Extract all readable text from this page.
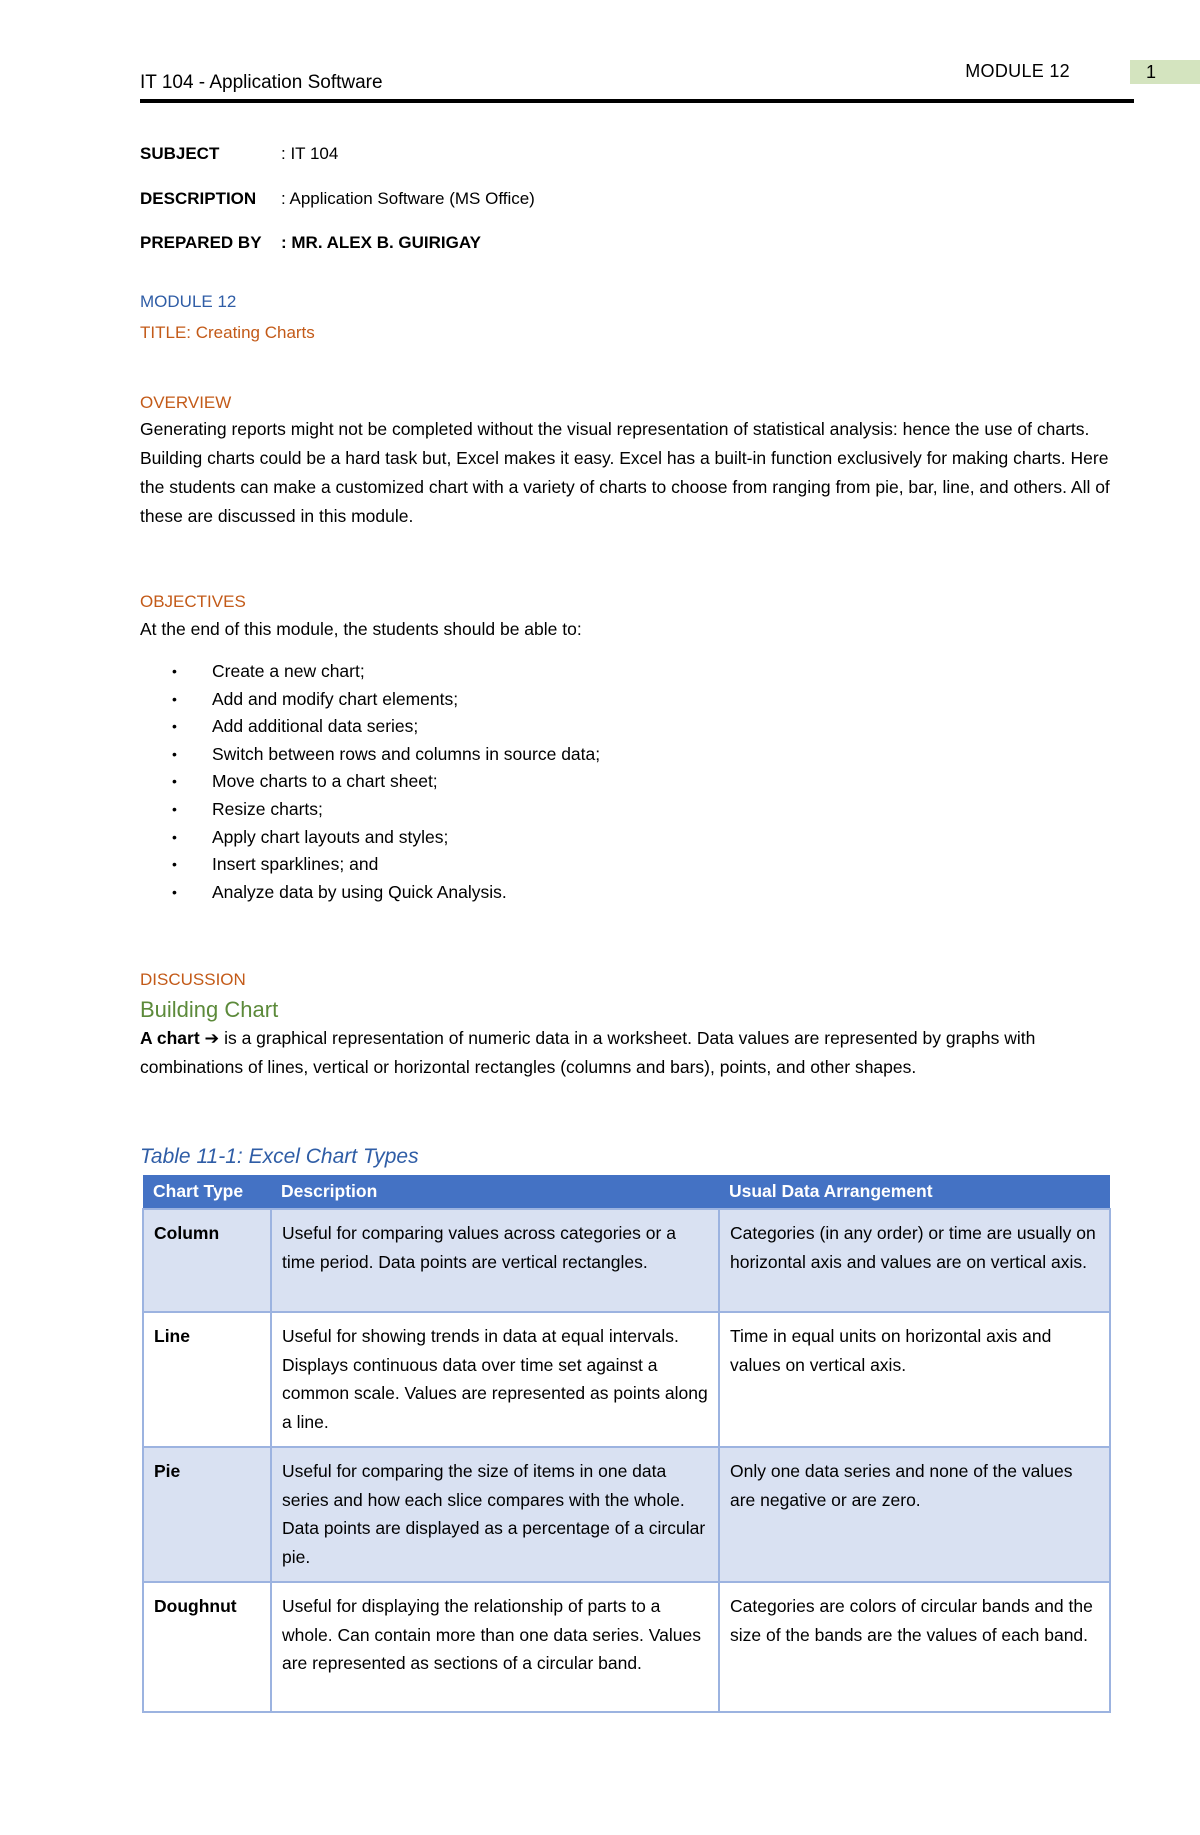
IT 104 - Application Software
MODULE 12	1
SUBJECT	: IT 104
DESCRIPTION : Application Software (MS Office)
PREPARED BY : MR. ALEX B. GUIRIGAY
MODULE 12
TITLE: Creating Charts
OVERVIEW
Generating reports might not be completed without the visual representation of statistical analysis: hence the use of charts. Building charts could be a hard task but, Excel makes it easy. Excel has a built-in function exclusively for making charts. Here the students can make a customized chart with a variety of charts to choose from ranging from pie, bar, line, and others. All of these are discussed in this module.
OBJECTIVES
At the end of this module, the students should be able to:
• Create a new chart;
• Add and modify chart elements;
• Add additional data series;
• Switch between rows and columns in source data;
• Move charts to a chart sheet;
• Resize charts;
• Apply chart layouts and styles;
• Insert sparklines; and
• Analyze data by using Quick Analysis.
DISCUSSION
Building Chart
A chart ➔ is a graphical representation of numeric data in a worksheet. Data values are represented by graphs with combinations of lines, vertical or horizontal rectangles (columns and bars), points, and other shapes.
Table 11-1: Excel Chart Types
Chart Type	Description	Usual Data Arrangement
Column	Useful for comparing values across categories or a time period. Data points are vertical rectangles.	Categories (in any order) or time are usually on horizontal axis and values are on vertical axis.
Line	Useful for showing trends in data at equal intervals. Displays continuous data over time set against a common scale. Values are represented as points along a line.	Time in equal units on horizontal axis and values on vertical axis.
Pie	Useful for comparing the size of items in one data series and how each slice compares with the whole. Data points are displayed as a percentage of a circular pie.	Only one data series and none of the values are negative or are zero.
Doughnut	Useful for displaying the relationship of parts to a whole. Can contain more than one data series. Values are represented as sections of a circular band.	Categories are colors of circular bands and the size of the bands are the values of each band.
